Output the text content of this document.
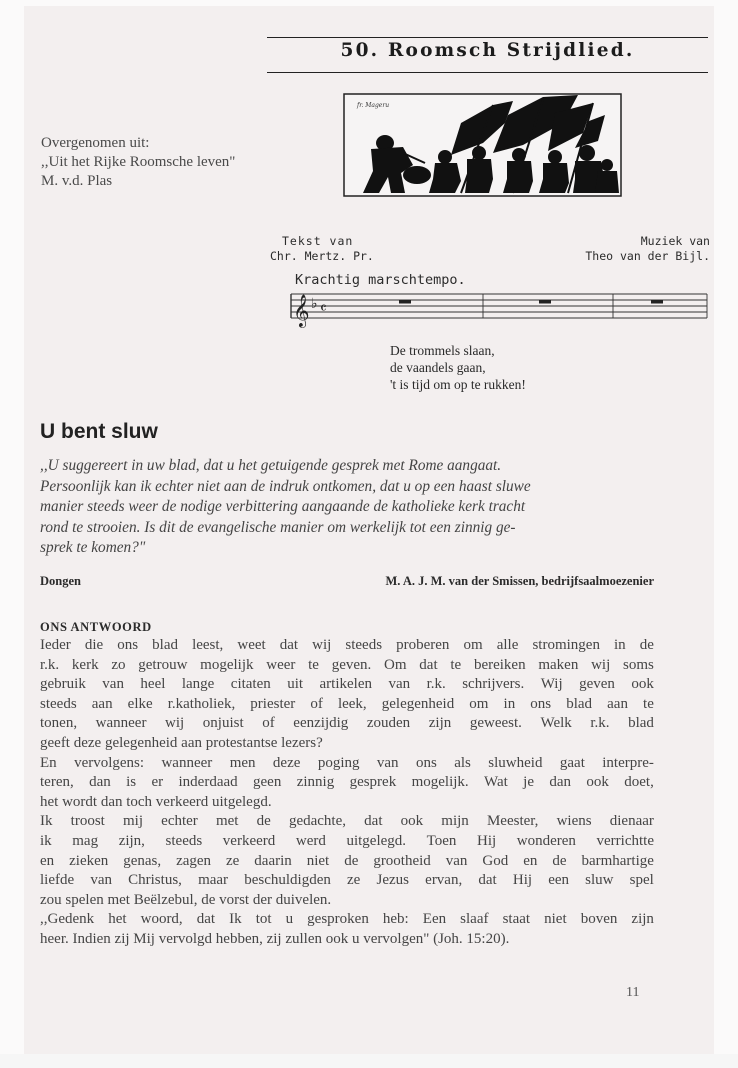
50. Roomsch Strijdlied.
Overgenomen uit:
,,Uit het Rijke Roomsche leven"
M. v.d. Plas
fr. Mageru
Tekst van
Chr. Mertz. Pr.
Muziek van
Theo van der Bijl.
Krachtig marschtempo.
𝄞 ♭ 𝄴
De trommels slaan,
de vaandels gaan,
't is tijd om op te rukken!
U bent sluw
,,U suggereert in uw blad, dat u het getuigende gesprek met Rome aangaat.
Persoonlijk kan ik echter niet aan de indruk ontkomen, dat u op een haast sluwe
manier steeds weer de nodige verbittering aangaande de katholieke kerk tracht
rond te strooien. Is dit de evangelische manier om werkelijk tot een zinnig ge-
sprek te komen?"
Dongen	M. A. J. M. van der Smissen, bedrijfsaalmoezenier
ONS ANTWOORD
Ieder die ons blad leest, weet dat wij steeds proberen om alle stromingen in de
r.k. kerk zo getrouw mogelijk weer te geven. Om dat te bereiken maken wij soms
gebruik van heel lange citaten uit artikelen van r.k. schrijvers. Wij geven ook
steeds aan elke r.katholiek, priester of leek, gelegenheid om in ons blad aan te
tonen, wanneer wij onjuist of eenzijdig zouden zijn geweest. Welk r.k. blad
geeft deze gelegenheid aan protestantse lezers?
En vervolgens: wanneer men deze poging van ons als sluwheid gaat interpre-
teren, dan is er inderdaad geen zinnig gesprek mogelijk. Wat je dan ook doet,
het wordt dan toch verkeerd uitgelegd.
Ik troost mij echter met de gedachte, dat ook mijn Meester, wiens dienaar
ik mag zijn, steeds verkeerd werd uitgelegd. Toen Hij wonderen verrichtte
en zieken genas, zagen ze daarin niet de grootheid van God en de barmhartige
liefde van Christus, maar beschuldigden ze Jezus ervan, dat Hij een sluw spel
zou spelen met Beëlzebul, de vorst der duivelen.
,,Gedenk het woord, dat Ik tot u gesproken heb: Een slaaf staat niet boven zijn
heer. Indien zij Mij vervolgd hebben, zij zullen ook u vervolgen" (Joh. 15:20).
11
